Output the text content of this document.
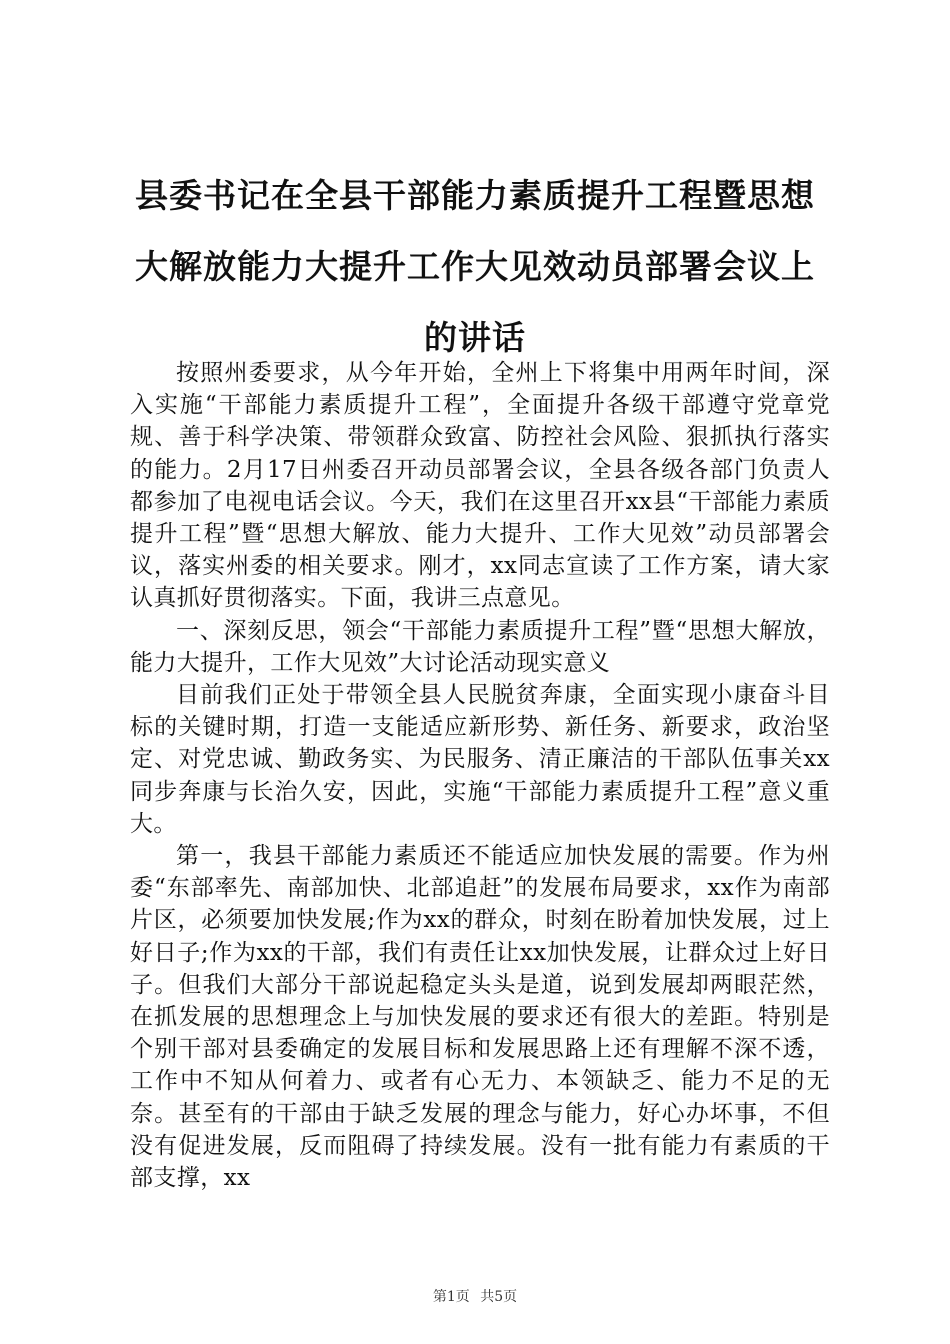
县委书记在全县干部能力素质提升工程暨思想大解放能力大提升工作大见效动员部署会议上的讲话

按照州委要求，从今年开始，全州上下将集中用两年时间，深入实施“干部能力素质提升工程”，全面提升各级干部遵守党章党规、善于科学决策、带领群众致富、防控社会风险、狠抓执行落实的能力。2月17日州委召开动员部署会议，全县各级各部门负责人都参加了电视电话会议。今天，我们在这里召开xx县“干部能力素质提升工程”暨“思想大解放、能力大提升、工作大见效”动员部署会议，落实州委的相关要求。刚才，xx同志宣读了工作方案，请大家认真抓好贯彻落实。下面，我讲三点意见。

一、深刻反思，领会“干部能力素质提升工程”暨“思想大解放，能力大提升，工作大见效”大讨论活动现实意义

目前我们正处于带领全县人民脱贫奔康，全面实现小康奋斗目标的关键时期，打造一支能适应新形势、新任务、新要求，政治坚定、对党忠诚、勤政务实、为民服务、清正廉洁的干部队伍事关xx同步奔康与长治久安，因此，实施“干部能力素质提升工程”意义重大。

第一，我县干部能力素质还不能适应加快发展的需要。作为州委“东部率先、南部加快、北部追赶”的发展布局要求，xx作为南部片区，必须要加快发展;作为xx的群众，时刻在盼着加快发展，过上好日子;作为xx的干部，我们有责任让xx加快发展，让群众过上好日子。但我们大部分干部说起稳定头头是道，说到发展却两眼茫然，在抓发展的思想理念上与加快发展的要求还有很大的差距。特别是个别干部对县委确定的发展目标和发展思路上还有理解不深不透，工作中不知从何着力、或者有心无力、本领缺乏、能力不足的无奈。甚至有的干部由于缺乏发展的理念与能力，好心办坏事，不但没有促进发展，反而阻碍了持续发展。没有一批有能力有素质的干部支撑，xx

第1页 共5页
